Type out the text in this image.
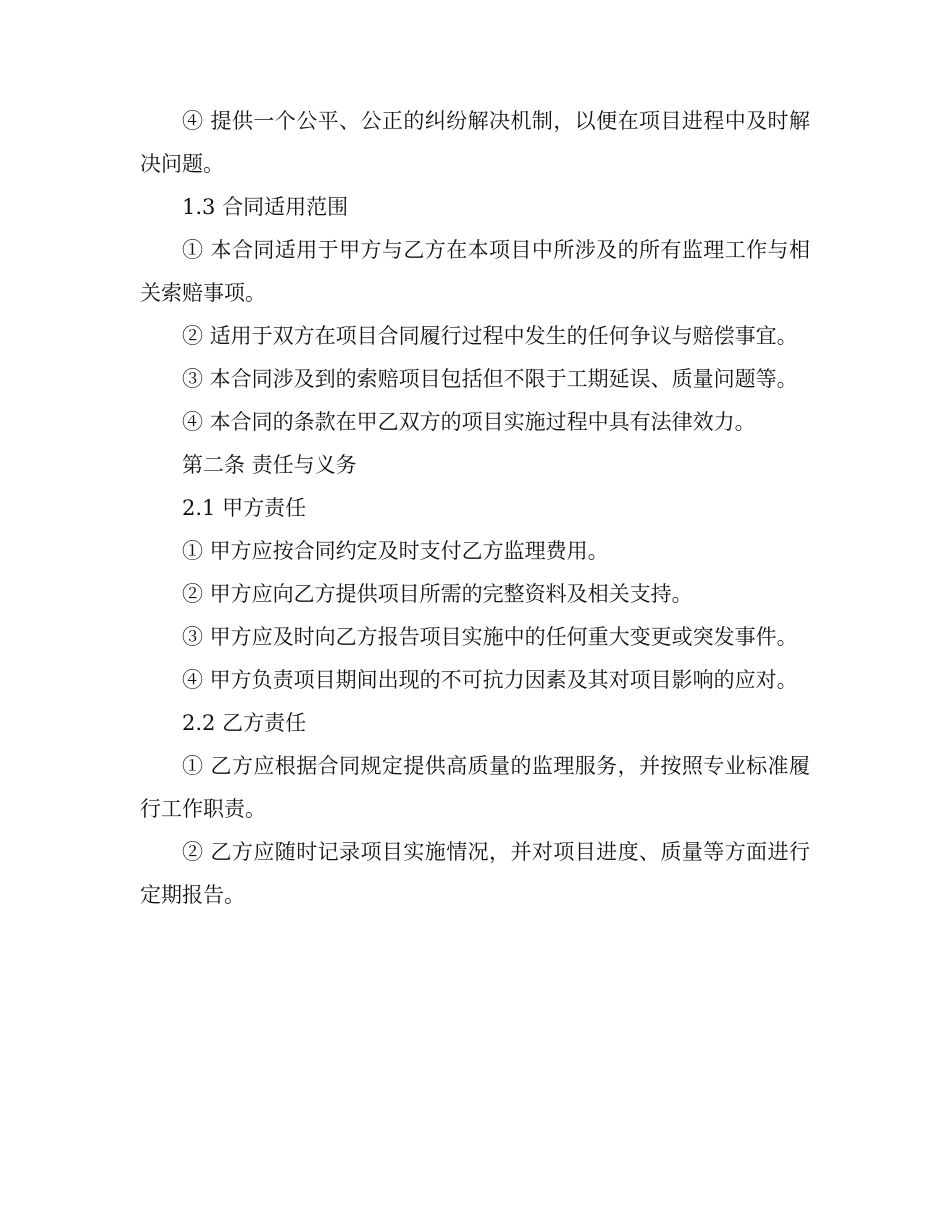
④ 提供一个公平、公正的纠纷解决机制，以便在项目进程中及时解决问题。

1.3 合同适用范围

① 本合同适用于甲方与乙方在本项目中所涉及的所有监理工作与相关索赔事项。

② 适用于双方在项目合同履行过程中发生的任何争议与赔偿事宜。

③ 本合同涉及到的索赔项目包括但不限于工期延误、质量问题等。

④ 本合同的条款在甲乙双方的项目实施过程中具有法律效力。

第二条 责任与义务

2.1 甲方责任

① 甲方应按合同约定及时支付乙方监理费用。

② 甲方应向乙方提供项目所需的完整资料及相关支持。

③ 甲方应及时向乙方报告项目实施中的任何重大变更或突发事件。

④ 甲方负责项目期间出现的不可抗力因素及其对项目影响的应对。

2.2 乙方责任

① 乙方应根据合同规定提供高质量的监理服务，并按照专业标准履行工作职责。

② 乙方应随时记录项目实施情况，并对项目进度、质量等方面进行定期报告。
